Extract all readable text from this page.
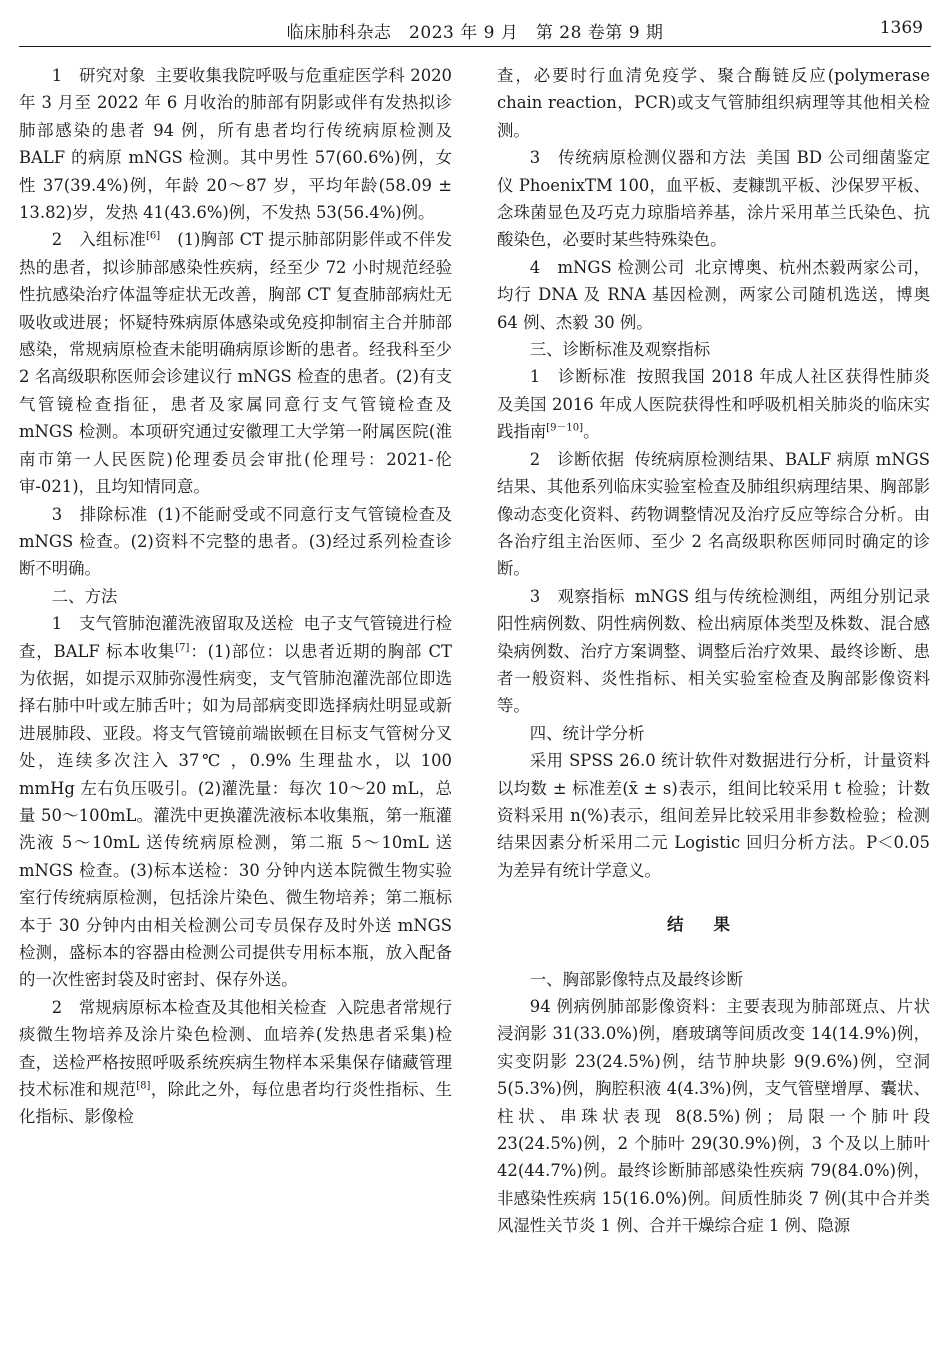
临床肺科杂志　2023 年 9 月　第 28 卷第 9 期	1369

1　研究对象 主要收集我院呼吸与危重症医学科 2020 年 3 月至 2022 年 6 月收治的肺部有阴影或伴有发热拟诊肺部感染的患者 94 例，所有患者均行传统病原检测及 BALF 的病原 mNGS 检测。其中男性 57(60.6%)例，女性 37(39.4%)例，年龄 20～87 岁，平均年龄(58.09 ± 13.82)岁，发热 41(43.6%)例，不发热 53(56.4%)例。

2　入组标准[6]　 (1)胸部 CT 提示肺部阴影伴或不伴发热的患者，拟诊肺部感染性疾病，经至少 72 小时规范经验性抗感染治疗体温等症状无改善，胸部 CT 复查肺部病灶无吸收或进展；怀疑特殊病原体感染或免疫抑制宿主合并肺部感染，常规病原检查未能明确病原诊断的患者。经我科至少 2 名高级职称医师会诊建议行 mNGS 检查的患者。(2)有支气管镜检查指征，患者及家属同意行支气管镜检查及 mNGS 检测。本项研究通过安徽理工大学第一附属医院(淮南市第一人民医院)伦理委员会审批(伦理号：2021-伦审-021)，且均知情同意。

3　排除标准 (1)不能耐受或不同意行支气管镜检查及 mNGS 检查。(2)资料不完整的患者。(3)经过系列检查诊断不明确。

二、方法

1　支气管肺泡灌洗液留取及送检 电子支气管镜进行检查，BALF 标本收集[7]：(1)部位：以患者近期的胸部 CT 为依据，如提示双肺弥漫性病变，支气管肺泡灌洗部位即选择右肺中叶或左肺舌叶；如为局部病变即选择病灶明显或新进展肺段、亚段。将支气管镜前端嵌顿在目标支气管树分叉处，连续多次注入 37℃ ，0.9% 生理盐水，以 100 mmHg 左右负压吸引。(2)灌洗量：每次 10～20 mL，总量 50～100mL。灌洗中更换灌洗液标本收集瓶，第一瓶灌洗液 5～10mL 送传统病原检测，第二瓶 5～10mL 送 mNGS 检查。(3)标本送检：30 分钟内送本院微生物实验室行传统病原检测，包括涂片染色、微生物培养；第二瓶标本于 30 分钟内由相关检测公司专员保存及时外送 mNGS 检测，盛标本的容器由检测公司提供专用标本瓶，放入配备的一次性密封袋及时密封、保存外送。

2　常规病原标本检查及其他相关检查 入院患者常规行痰微生物培养及涂片染色检测、血培养(发热患者采集)检查，送检严格按照呼吸系统疾病生物样本采集保存储藏管理技术标准和规范[8]，除此之外，每位患者均行炎性指标、生化指标、影像检

查，必要时行血清免疫学、聚合酶链反应(polymerase chain reaction，PCR)或支气管肺组织病理等其他相关检测。

3　传统病原检测仪器和方法 美国 BD 公司细菌鉴定仪 PhoenixTM 100，血平板、麦糠凯平板、沙保罗平板、念珠菌显色及巧克力琼脂培养基，涂片采用革兰氏染色、抗酸染色，必要时某些特殊染色。

4　mNGS 检测公司 北京博奥、杭州杰毅两家公司，均行 DNA 及 RNA 基因检测，两家公司随机选送，博奥 64 例、杰毅 30 例。

三、诊断标准及观察指标

1　诊断标准 按照我国 2018 年成人社区获得性肺炎及美国 2016 年成人医院获得性和呼吸机相关肺炎的临床实践指南[9－10]。

2　诊断依据 传统病原检测结果、BALF 病原 mNGS 结果、其他系列临床实验室检查及肺组织病理结果、胸部影像动态变化资料、药物调整情况及治疗反应等综合分析。由各治疗组主治医师、至少 2 名高级职称医师同时确定的诊断。

3　观察指标 mNGS 组与传统检测组，两组分别记录阳性病例数、阴性病例数、检出病原体类型及株数、混合感染病例数、治疗方案调整、调整后治疗效果、最终诊断、患者一般资料、炎性指标、相关实验室检查及胸部影像资料等。

四、统计学分析

采用 SPSS 26.0 统计软件对数据进行分析，计量资料以均数 ± 标准差(x̄ ± s)表示，组间比较采用 t 检验；计数资料采用 n(%)表示，组间差异比较采用非参数检验；检测结果因素分析采用二元 Logistic 回归分析方法。P＜0.05 为差异有统计学意义。

结果

一、胸部影像特点及最终诊断

94 例病例肺部影像资料：主要表现为肺部斑点、片状浸润影 31(33.0%)例，磨玻璃等间质改变 14(14.9%)例，实变阴影 23(24.5%)例，结节肿块影 9(9.6%)例，空洞 5(5.3%)例，胸腔积液 4(4.3%)例，支气管壁增厚、囊状、柱状、串珠状表现 8(8.5%)例；局限一个肺叶段 23(24.5%)例，2 个肺叶 29(30.9%)例，3 个及以上肺叶 42(44.7%)例。最终诊断肺部感染性疾病 79(84.0%)例，非感染性疾病 15(16.0%)例。间质性肺炎 7 例(其中合并类风湿性关节炎 1 例、合并干燥综合症 1 例、隐源
